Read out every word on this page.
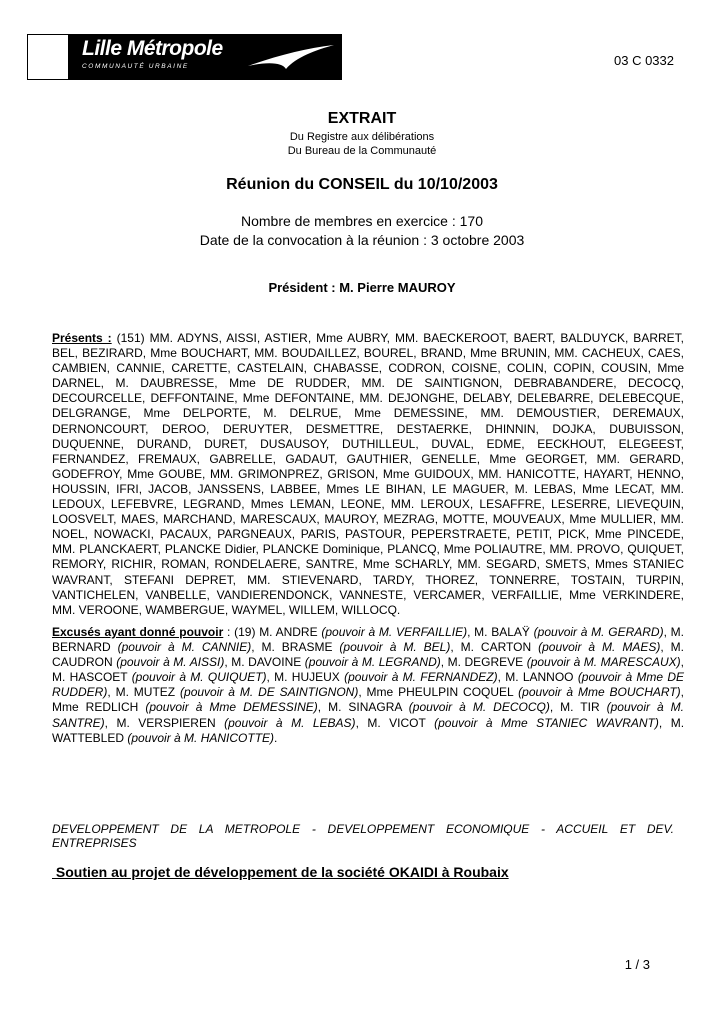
Lille Métropole
COMMUNAUTÉ URBAINE	03 C 0332
EXTRAIT
Du Registre aux délibérations
Du Bureau de la Communauté
Réunion du CONSEIL du 10/10/2003
Nombre de membres en exercice : 170
Date de la convocation à la réunion : 3 octobre 2003
Président : M. Pierre MAUROY
Présents : (151) MM. ADYNS, AISSI, ASTIER, Mme AUBRY, MM. BAECKEROOT, BAERT, BALDUYCK, BARRET, BEL, BEZIRARD, Mme BOUCHART, MM. BOUDAILLEZ, BOUREL, BRAND, Mme BRUNIN, MM. CACHEUX, CAES, CAMBIEN, CANNIE, CARETTE, CASTELAIN, CHABASSE, CODRON, COISNE, COLIN, COPIN, COUSIN, Mme DARNEL, M. DAUBRESSE, Mme DE RUDDER, MM. DE SAINTIGNON, DEBRABANDERE, DECOCQ, DECOURCELLE, DEFFONTAINE, Mme DEFONTAINE, MM. DEJONGHE, DELABY, DELEBARRE, DELEBECQUE, DELGRANGE, Mme DELPORTE, M. DELRUE, Mme DEMESSINE, MM. DEMOUSTIER, DEREMAUX, DERNONCOURT, DEROO, DERUYTER, DESMETTRE, DESTAERKE, DHINNIN, DOJKA, DUBUISSON, DUQUENNE, DURAND, DURET, DUSAUSOY, DUTHILLEUL, DUVAL, EDME, EECKHOUT, ELEGEEST, FERNANDEZ, FREMAUX, GABRELLE, GADAUT, GAUTHIER, GENELLE, Mme GEORGET, MM. GERARD, GODEFROY, Mme GOUBE, MM. GRIMONPREZ, GRISON, Mme GUIDOUX, MM. HANICOTTE, HAYART, HENNO, HOUSSIN, IFRI, JACOB, JANSSENS, LABBEE, Mmes LE BIHAN, LE MAGUER, M. LEBAS, Mme LECAT, MM. LEDOUX, LEFEBVRE, LEGRAND, Mmes LEMAN, LEONE, MM. LEROUX, LESAFFRE, LESERRE, LIEVEQUIN, LOOSVELT, MAES, MARCHAND, MARESCAUX, MAUROY, MEZRAG, MOTTE, MOUVEAUX, Mme MULLIER, MM. NOEL, NOWACKI, PACAUX, PARGNEAUX, PARIS, PASTOUR, PEPERSTRAETE, PETIT, PICK, Mme PINCEDE, MM. PLANCKAERT, PLANCKE Didier, PLANCKE Dominique, PLANCQ, Mme POLIAUTRE, MM. PROVO, QUIQUET, REMORY, RICHIR, ROMAN, RONDELAERE, SANTRE, Mme SCHARLY, MM. SEGARD, SMETS, Mmes STANIEC WAVRANT, STEFANI DEPRET, MM. STIEVENARD, TARDY, THOREZ, TONNERRE, TOSTAIN, TURPIN, VANTICHELEN, VANBELLE, VANDIERENDONCK, VANNESTE, VERCAMER, VERFAILLIE, Mme VERKINDERE, MM. VEROONE, WAMBERGUE, WAYMEL, WILLEM, WILLOCQ.
Excusés ayant donné pouvoir : (19) M. ANDRE (pouvoir à M. VERFAILLIE), M. BALAŸ (pouvoir à M. GERARD), M. BERNARD (pouvoir à M. CANNIE), M. BRASME (pouvoir à M. BEL), M. CARTON (pouvoir à M. MAES), M. CAUDRON (pouvoir à M. AISSI), M. DAVOINE (pouvoir à M. LEGRAND), M. DEGREVE (pouvoir à M. MARESCAUX), M. HASCOET (pouvoir à M. QUIQUET), M. HUJEUX (pouvoir à M. FERNANDEZ), M. LANNOO (pouvoir à Mme DE RUDDER), M. MUTEZ (pouvoir à M. DE SAINTIGNON), Mme PHEULPIN COQUEL (pouvoir à Mme BOUCHART), Mme REDLICH (pouvoir à Mme DEMESSINE), M. SINAGRA (pouvoir à M. DECOCQ), M. TIR (pouvoir à M. SANTRE), M. VERSPIEREN (pouvoir à M. LEBAS), M. VICOT (pouvoir à Mme STANIEC WAVRANT), M. WATTEBLED (pouvoir à M. HANICOTTE).
DEVELOPPEMENT DE LA METROPOLE - DEVELOPPEMENT ECONOMIQUE - ACCUEIL ET DEV. ENTREPRISES
Soutien au projet de développement de la société OKAIDI à Roubaix
1 / 3
